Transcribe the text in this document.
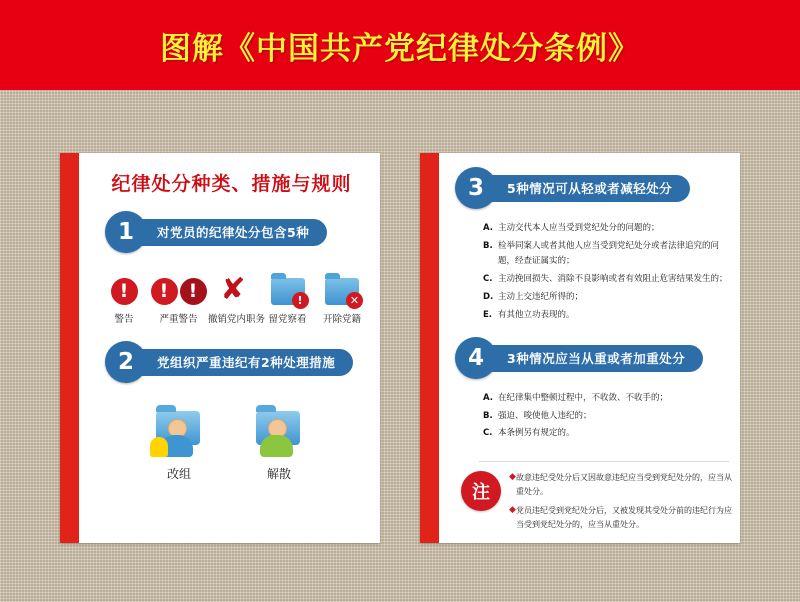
图解《中国共产党纪律处分条例》
纪律处分种类、措施与规则
1	对党员的纪律处分包含5种
!
警告
!	!
严重警告
✘
撤销党内职务
!
留党察看
✕
开除党籍
2	党组织严重违纪有2种处理措施
改组	解散
3	5种情况可从轻或者减轻处分
A. 主动交代本人应当受到党纪处分的问题的；
B. 检举同案人或者其他人应当受到党纪处分或者法律追究的问题，经查证属实的；
C. 主动挽回损失、消除不良影响或者有效阻止危害结果发生的；
D. 主动上交违纪所得的；
E. 有其他立功表现的。
4	3种情况应当从重或者加重处分
A. 在纪律集中整顿过程中，不收敛、不收手的；
B. 强迫、唆使他人违纪的；
C. 本条例另有规定的。
注
◆ 故意违纪受处分后又因故意违纪应当受到党纪处分的，应当从重处分。
◆ 党员违纪受到党纪处分后，又被发现其受处分前的违纪行为应当受到党纪处分的，应当从重处分。
